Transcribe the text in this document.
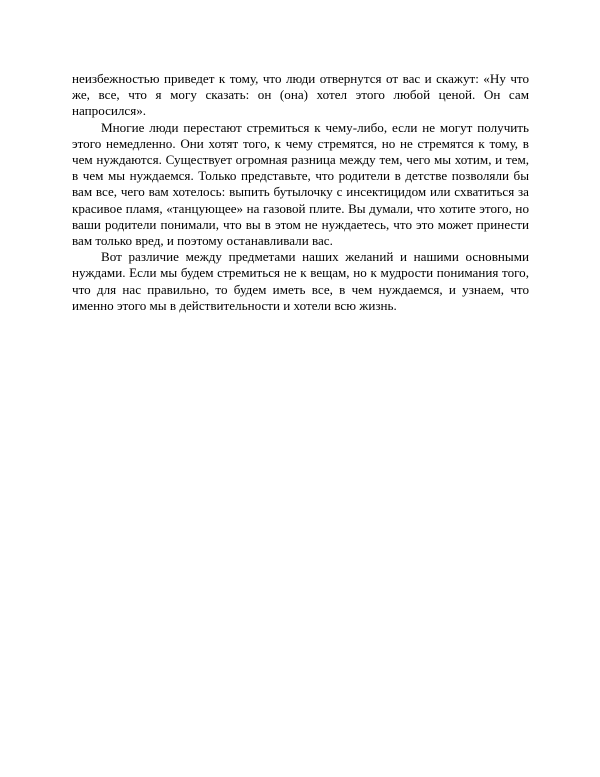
неизбежностью приведет к тому, что люди отвернутся от вас и скажут: «Ну что же, все, что я могу сказать: он (она) хотел этого любой ценой. Он сам напросился».

Многие люди перестают стремиться к чему-либо, если не могут получить этого немедленно. Они хотят того, к чему стремятся, но не стремятся к тому, в чем нуждаются. Существует огромная разница между тем, чего мы хотим, и тем, в чем мы нуждаемся. Только представьте, что родители в детстве позволяли бы вам все, чего вам хотелось: выпить бутылочку с инсектицидом или схватиться за красивое пламя, «танцующее» на газовой плите. Вы думали, что хотите этого, но ваши родители понимали, что вы в этом не нуждаетесь, что это может принести вам только вред, и поэтому останавливали вас.

Вот различие между предметами наших желаний и нашими основными нуждами. Если мы будем стремиться не к вещам, но к мудрости понимания того, что для нас правильно, то будем иметь все, в чем нуждаемся, и узнаем, что именно этого мы в действительности и хотели всю жизнь.
